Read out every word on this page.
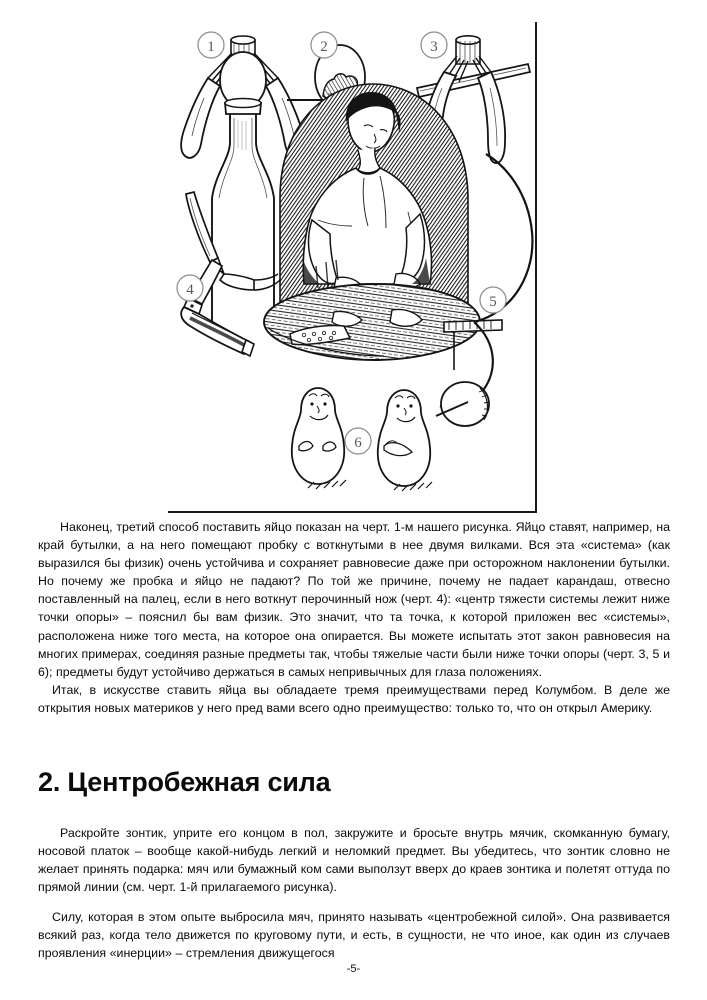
1	2	3
4
5
6

Наконец, третий способ поставить яйцо показан на черт. 1-м нашего рисунка. Яйцо ставят, например, на край бутылки, а на него помещают пробку с воткнутыми в нее двумя вилками. Вся эта «система» (как выразился бы физик) очень устойчива и сохраняет равновесие даже при осторожном наклонении бутылки. Но почему же пробка и яйцо не падают? По той же причине, почему не падает карандаш, отвесно поставленный на палец, если в него воткнут перочинный нож (черт. 4): «центр тяжести системы лежит ниже точки опоры» – пояснил бы вам физик. Это значит, что та точка, к которой приложен вес «системы», расположена ниже того места, на которое она опирается. Вы можете испытать этот закон равновесия на многих примерах, соединяя разные предметы так, чтобы тяжелые части были ниже точки опоры (черт. 3, 5 и 6); предметы будут устойчиво держаться в самых непривычных для глаза положениях.

Итак, в искусстве ставить яйца вы обладаете тремя преимуществами перед Колумбом. В деле же открытия новых материков у него пред вами всего одно преимущество: только то, что он открыл Америку.

2. Центробежная сила

Раскройте зонтик, уприте его концом в пол, закружите и бросьте внутрь мячик, скомканную бумагу, носовой платок – вообще какой-нибудь легкий и неломкий предмет. Вы убедитесь, что зонтик словно не желает принять подарка: мяч или бумажный ком сами выползут вверх до краев зонтика и полетят оттуда по прямой линии (см. черт. 1-й прилагаемого рисунка).

Силу, которая в этом опыте выбросила мяч, принято называть «центробежной силой». Она развивается всякий раз, когда тело движется по круговому пути, и есть, в сущности, не что иное, как один из случаев проявления «инерции» – стремления движущегося

-5-
